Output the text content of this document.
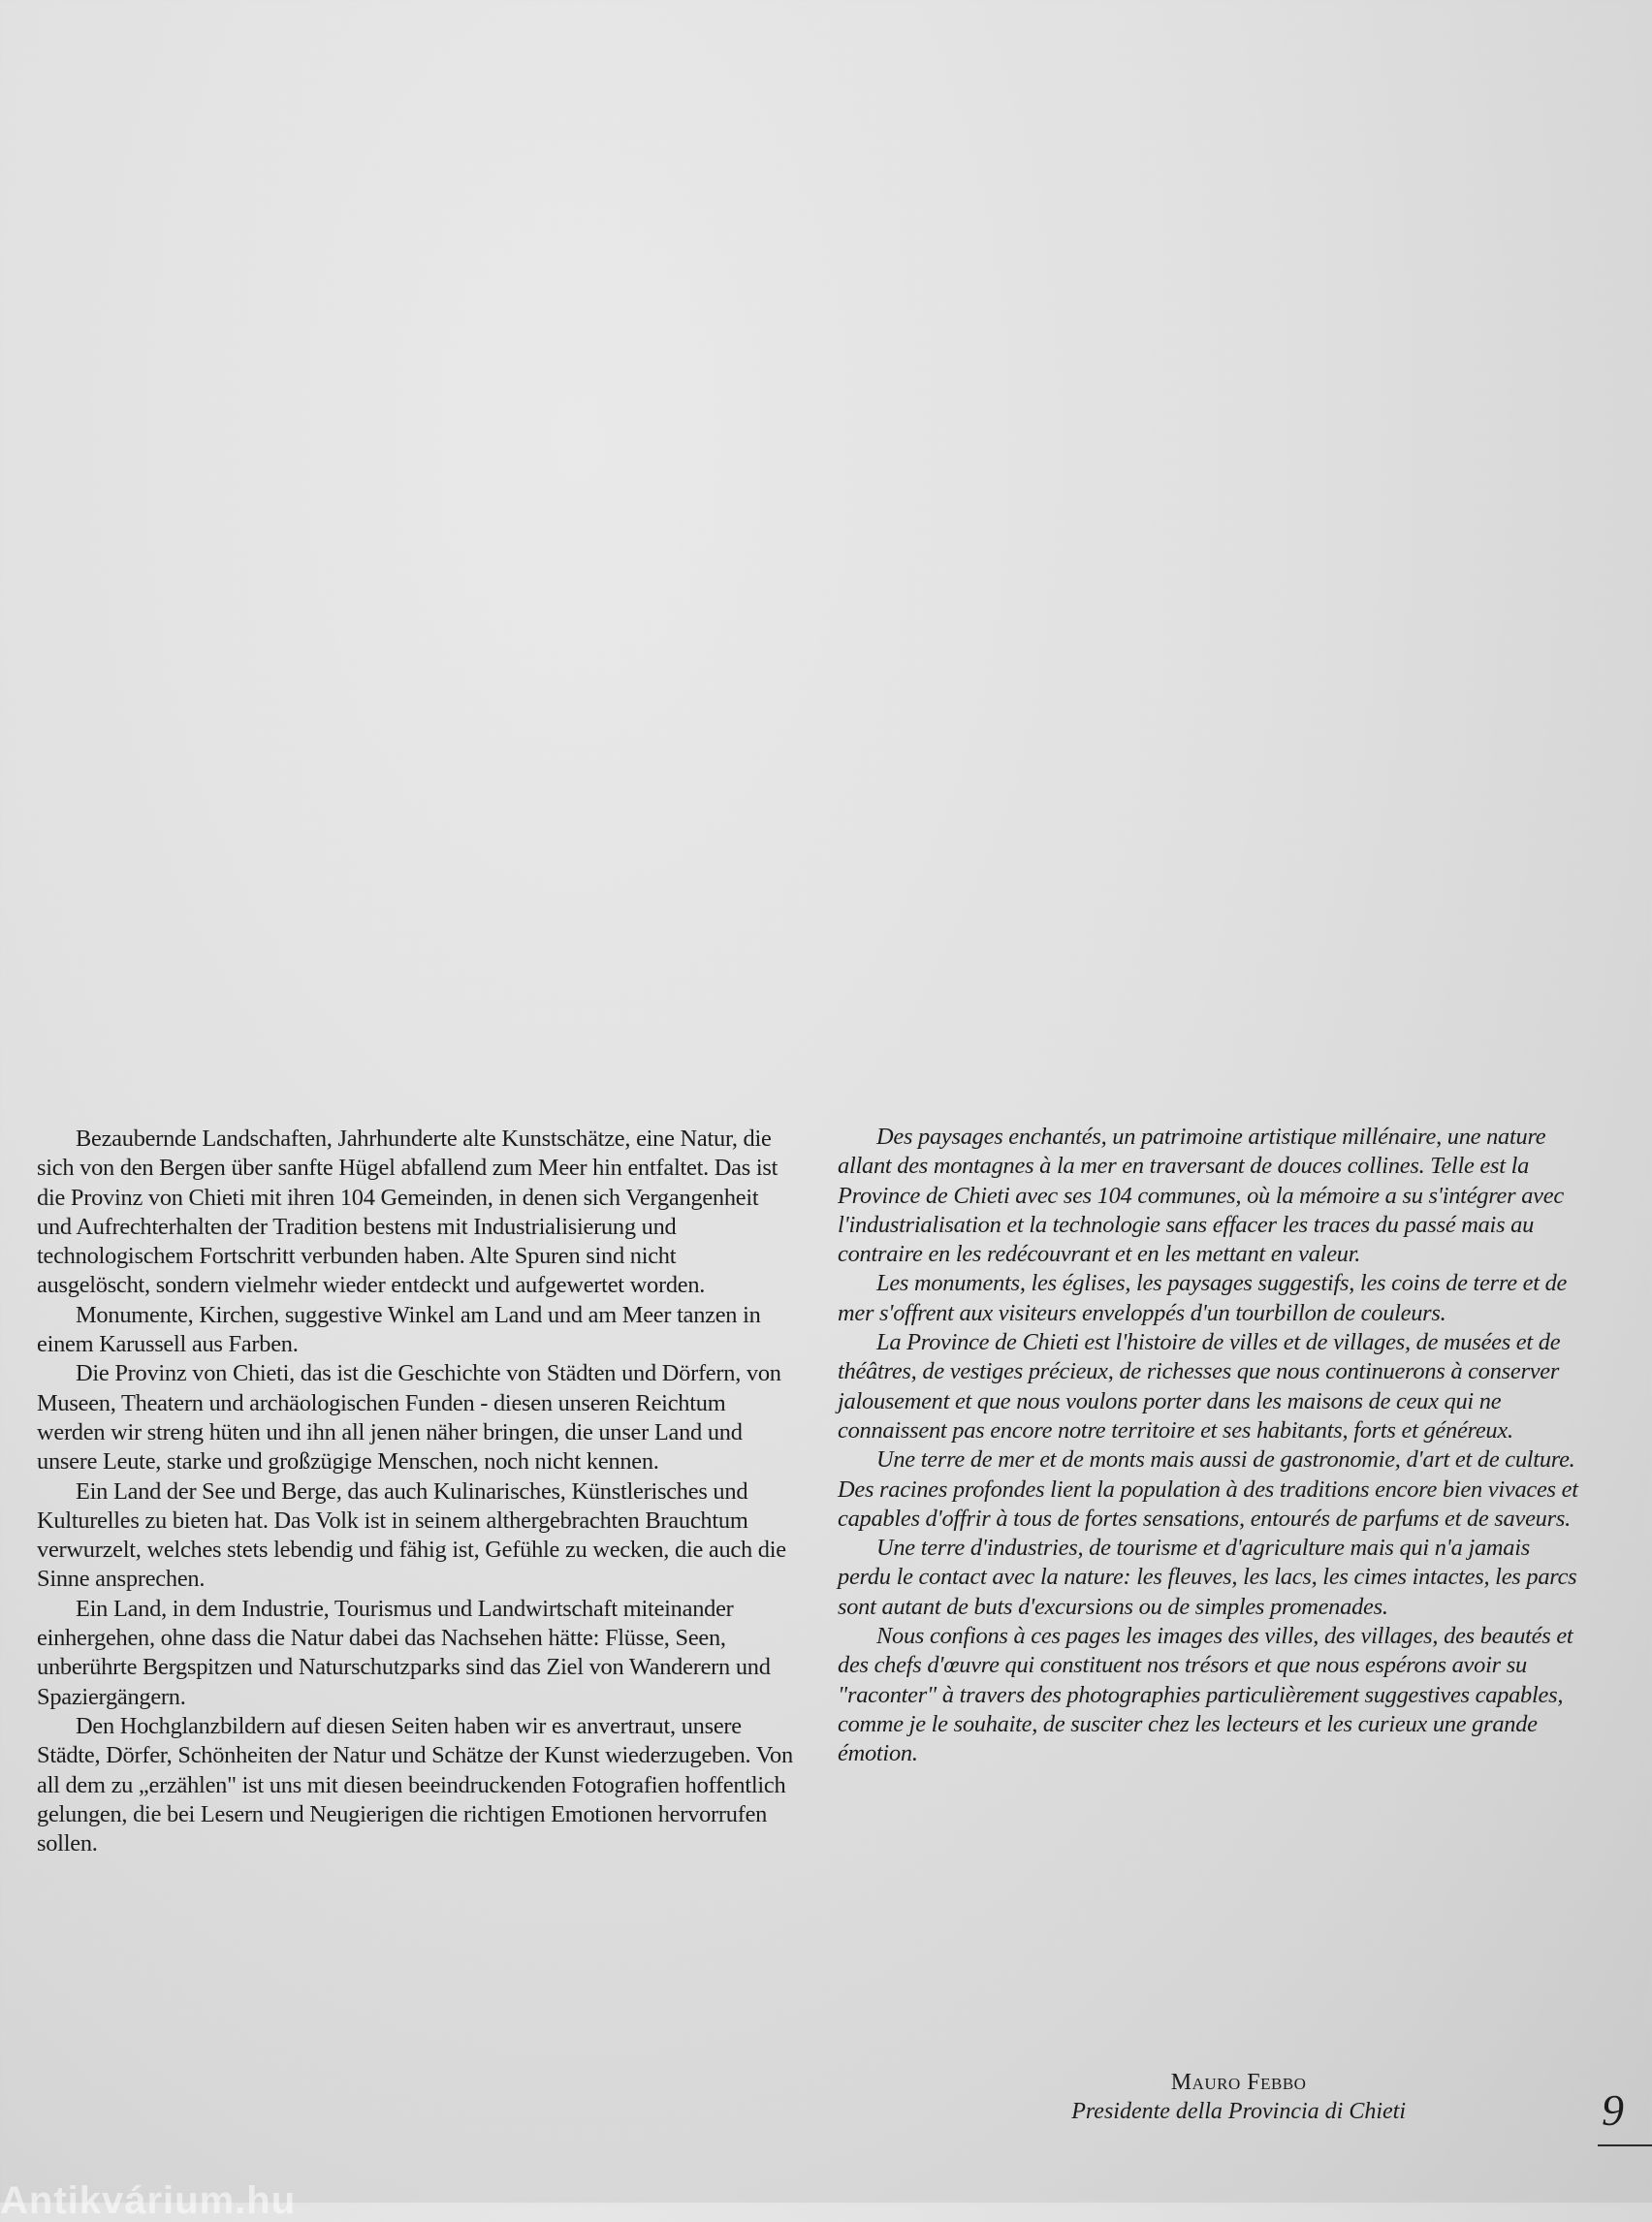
Bezaubernde Landschaften, Jahrhunderte alte Kunstschätze, eine Natur, die sich von den Bergen über sanfte Hügel abfallend zum Meer hin entfaltet. Das ist die Provinz von Chieti mit ihren 104 Gemeinden, in denen sich Vergangenheit und Aufrechterhalten der Tradition bestens mit Industrialisierung und technologischem Fortschritt verbunden haben. Alte Spuren sind nicht ausgelöscht, sondern vielmehr wieder entdeckt und aufgewertet worden.

Monumente, Kirchen, suggestive Winkel am Land und am Meer tanzen in einem Karussell aus Farben.

Die Provinz von Chieti, das ist die Geschichte von Städten und Dörfern, von Museen, Theatern und archäologischen Funden - diesen unseren Reichtum werden wir streng hüten und ihn all jenen näher bringen, die unser Land und unsere Leute, starke und großzügige Menschen, noch nicht kennen.

Ein Land der See und Berge, das auch Kulinarisches, Künstlerisches und Kulturelles zu bieten hat. Das Volk ist in seinem althergebrachten Brauchtum verwurzelt, welches stets lebendig und fähig ist, Gefühle zu wecken, die auch die Sinne ansprechen.

Ein Land, in dem Industrie, Tourismus und Landwirtschaft miteinander einhergehen, ohne dass die Natur dabei das Nachsehen hätte: Flüsse, Seen, unberührte Bergspitzen und Naturschutzparks sind das Ziel von Wanderern und Spaziergängern.

Den Hochglanzbildern auf diesen Seiten haben wir es anvertraut, unsere Städte, Dörfer, Schönheiten der Natur und Schätze der Kunst wiederzugeben. Von all dem zu „erzählen" ist uns mit diesen beeindruckenden Fotografien hoffentlich gelungen, die bei Lesern und Neugierigen die richtigen Emotionen hervorrufen sollen.

Des paysages enchantés, un patrimoine artistique millénaire, une nature allant des montagnes à la mer en traversant de douces collines. Telle est la Province de Chieti avec ses 104 communes, où la mémoire a su s'intégrer avec l'industrialisation et la technologie sans effacer les traces du passé mais au contraire en les redécouvrant et en les mettant en valeur.

Les monuments, les églises, les paysages suggestifs, les coins de terre et de mer s'offrent aux visiteurs enveloppés d'un tourbillon de couleurs.

La Province de Chieti est l'histoire de villes et de villages, de musées et de théâtres, de vestiges précieux, de richesses que nous continuerons à conserver jalousement et que nous voulons porter dans les maisons de ceux qui ne connaissent pas encore notre territoire et ses habitants, forts et généreux.

Une terre de mer et de monts mais aussi de gastronomie, d'art et de culture. Des racines profondes lient la population à des traditions encore bien vivaces et capables d'offrir à tous de fortes sensations, entourés de parfums et de saveurs.

Une terre d'industries, de tourisme et d'agriculture mais qui n'a jamais perdu le contact avec la nature: les fleuves, les lacs, les cimes intactes, les parcs sont autant de buts d'excursions ou de simples promenades.

Nous confions à ces pages les images des villes, des villages, des beautés et des chefs d'œuvre qui constituent nos trésors et que nous espérons avoir su "raconter" à travers des photographies particulièrement suggestives capables, comme je le souhaite, de susciter chez les lecteurs et les curieux une grande émotion.

Mauro Febbo
Presidente della Provincia di Chieti	9
Antikvárium.hu
